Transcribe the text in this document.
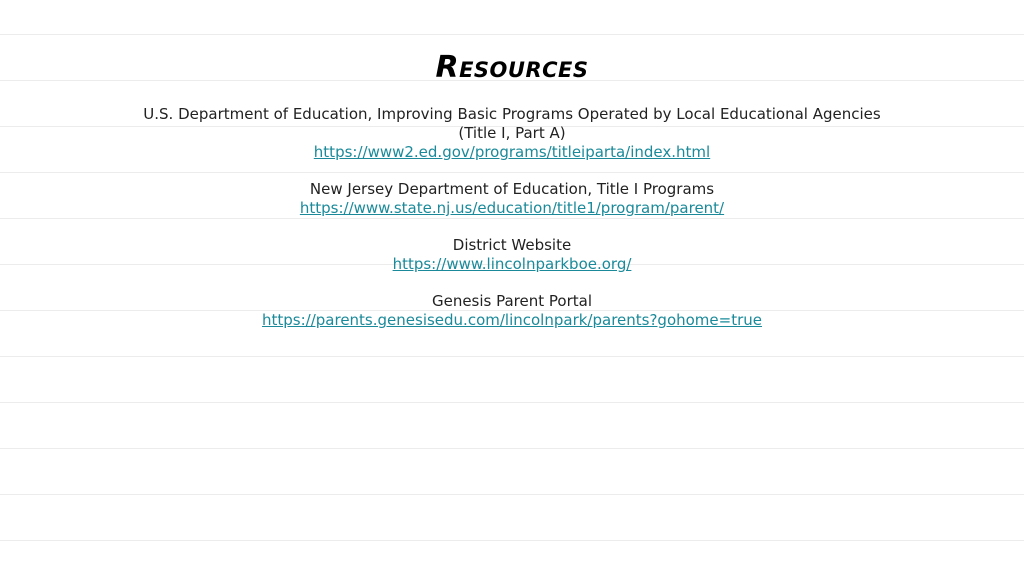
Resources
U.S. Department of Education, Improving Basic Programs Operated by Local Educational Agencies
(Title I, Part A)
https://www2.ed.gov/programs/titleiparta/index.html
New Jersey Department of Education, Title I Programs
https://www.state.nj.us/education/title1/program/parent/
District Website
https://www.lincolnparkboe.org/
Genesis Parent Portal
https://parents.genesisedu.com/lincolnpark/parents?gohome=true
